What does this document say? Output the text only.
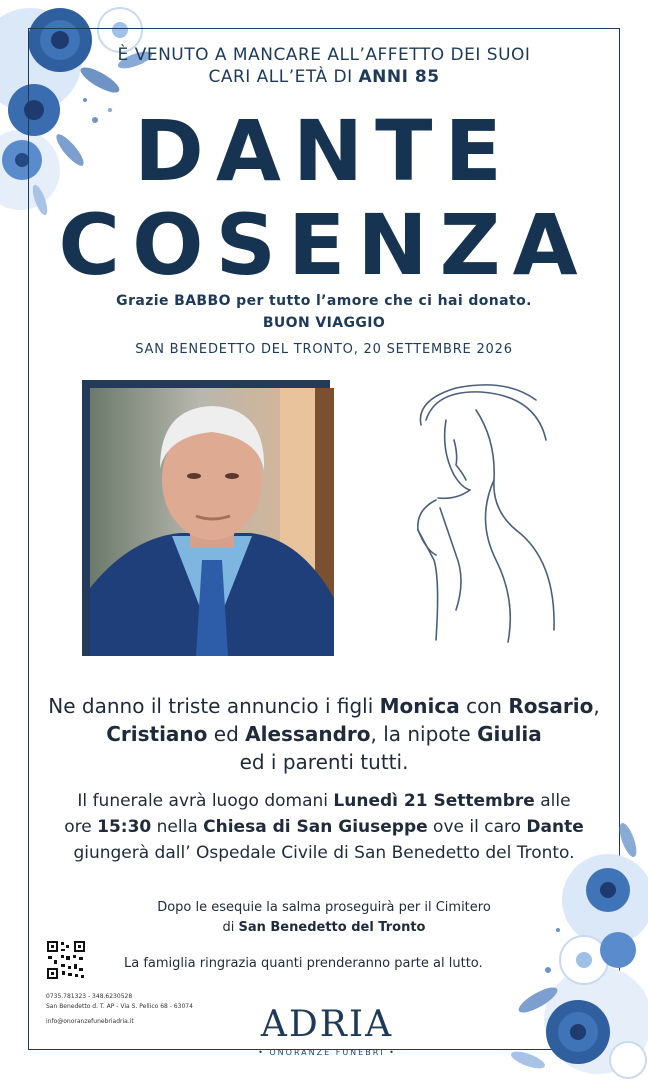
È VENUTO A MANCARE ALL’AFFETTO DEI SUOI
CARI ALL’ETÀ DI ANNI 85
DANTE
COSENZA
Grazie BABBO per tutto l’amore che ci hai donato.
BUON VIAGGIO
SAN BENEDETTO DEL TRONTO, 20 SETTEMBRE 2026
Ne danno il triste annuncio i figli Monica con Rosario,
Cristiano ed Alessandro, la nipote Giulia
ed i parenti tutti.
Il funerale avrà luogo domani Lunedì 21 Settembre alle
ore 15:30 nella Chiesa di San Giuseppe ove il caro Dante
giungerà dall’ Ospedale Civile di San Benedetto del Tronto.
Dopo le esequie la salma proseguirà per il Cimitero
di San Benedetto del Tronto
La famiglia ringrazia quanti prenderanno parte al lutto.
0735.781323 - 348.6230528
San Benedetto d. T. AP - Via S. Pellico 68 - 63074
info@onoranzefunebriadria.it	ADRIA
• ONORANZE FUNEBRI •
